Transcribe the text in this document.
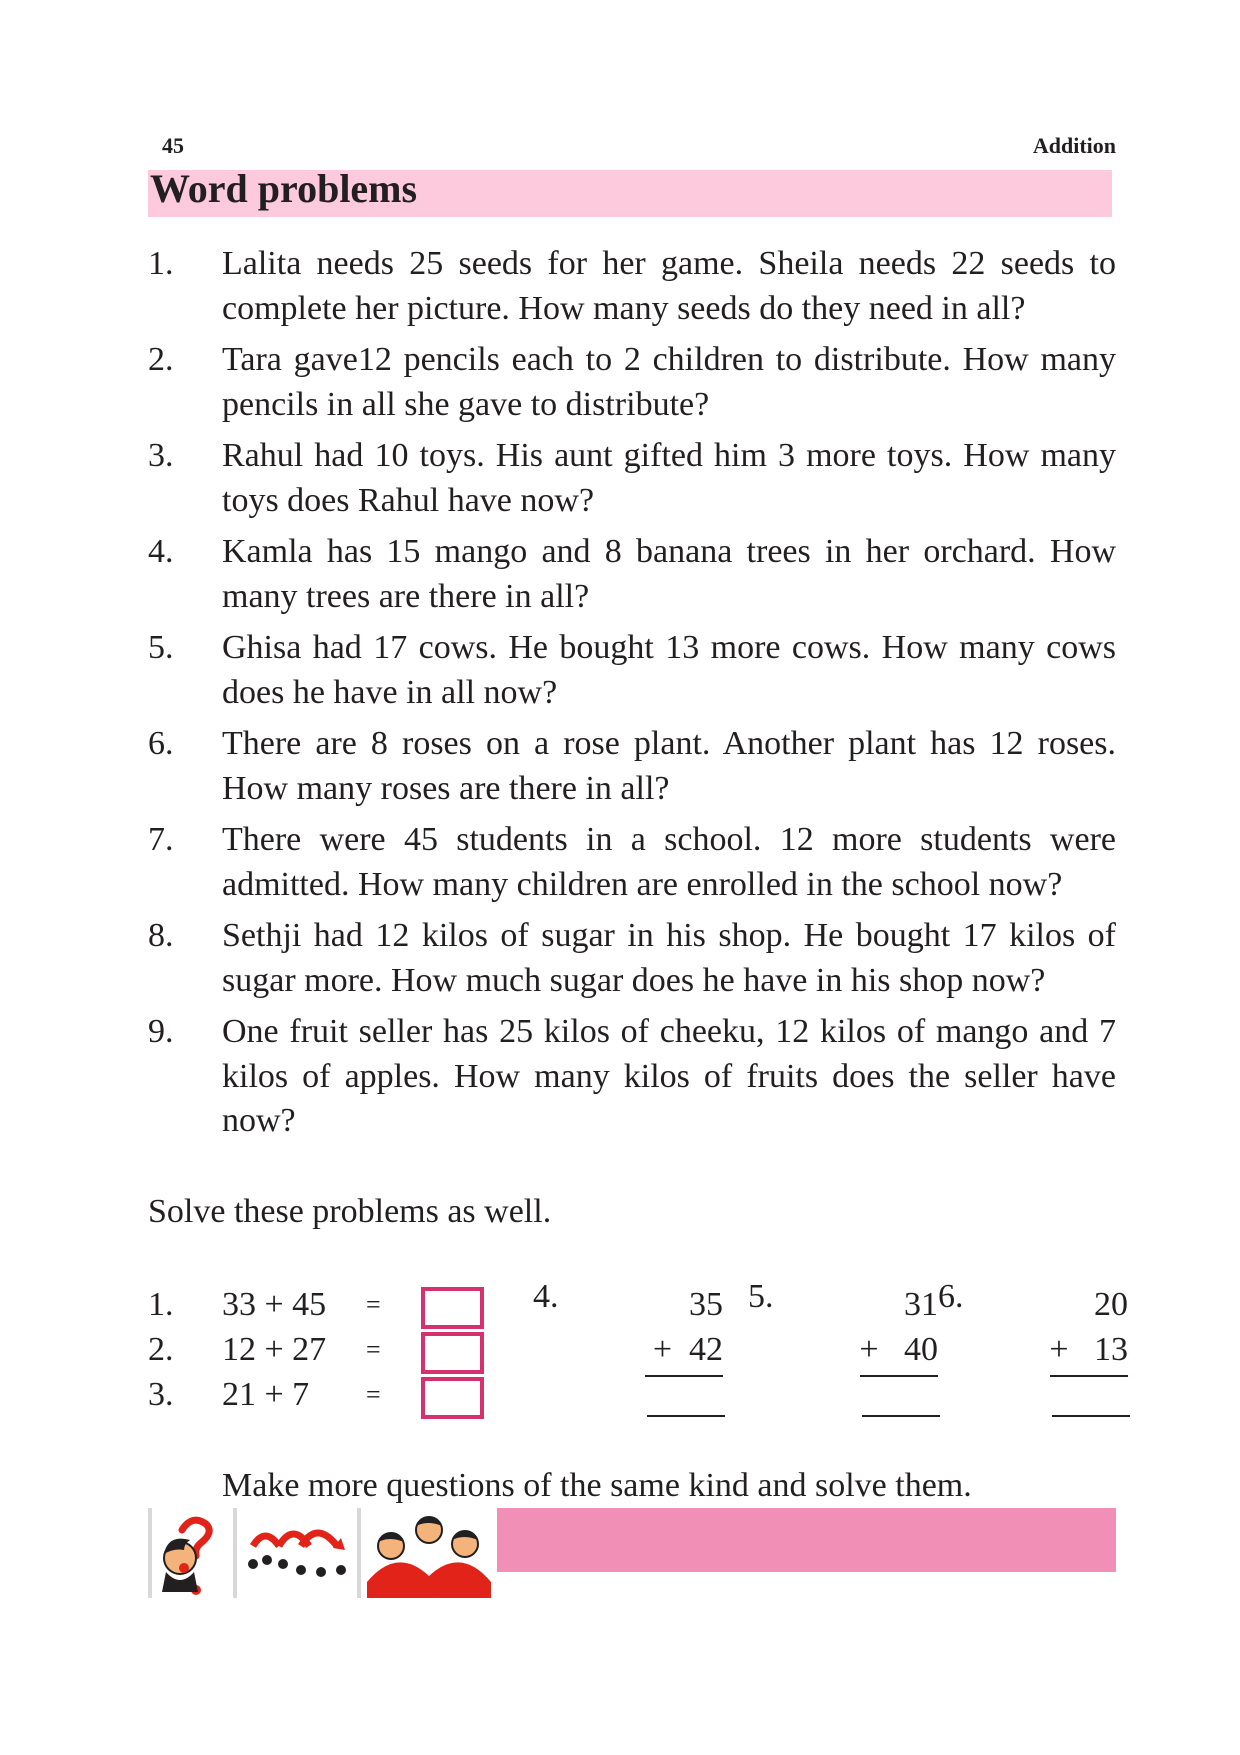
45	Addition
Word problems
1. Lalita needs 25 seeds for her game. Sheila needs 22 seeds to complete her picture. How many seeds do they need in all?
2. Tara gave12 pencils each to 2 children to distribute. How many pencils in all she gave to distribute?
3. Rahul had 10 toys. His aunt gifted him 3 more toys. How many toys does Rahul have now?
4. Kamla has 15 mango and 8 banana trees in her orchard. How many trees are there in all?
5. Ghisa had 17 cows. He bought 13 more cows. How many cows does he have in all now?
6. There are 8 roses on a rose plant. Another plant has 12 roses. How many roses are there in all?
7. There were 45 students in a school. 12 more students were admitted. How many children are enrolled in the school now?
8. Sethji had 12 kilos of sugar in his shop. He bought 17 kilos of sugar more. How much sugar does he have in his shop now?
9. One fruit seller has 25 kilos of cheeku, 12 kilos of mango and 7 kilos of apples. How many kilos of fruits does the seller have now?
Solve these problems as well.
1. 33 + 45 =
2. 12 + 27 =
3. 21 + 7 =
4.	35
+  42
5.	31
+   40
6.	20
+   13
Make more questions of the same kind and solve them.
